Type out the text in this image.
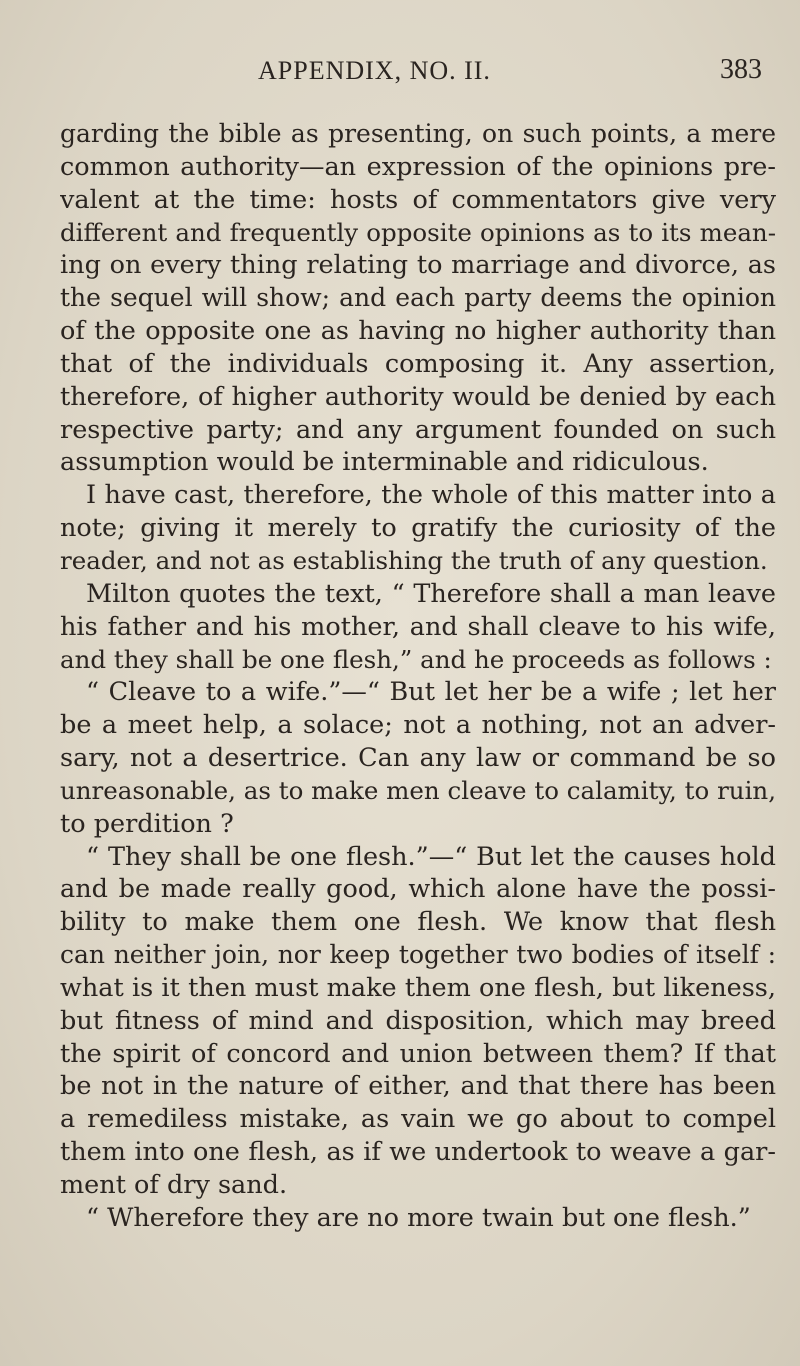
APPENDIX, NO. II.	383
garding the bible as presenting, on such points, a mere
common authority—an expression of the opinions pre-
valent at the time: hosts of commentators give very
different and frequently opposite opinions as to its mean-
ing on every thing relating to marriage and divorce, as
the sequel will show; and each party deems the opinion
of the opposite one as having no higher authority than
that of the individuals composing it. Any assertion,
therefore, of higher authority would be denied by each
respective party; and any argument founded on such
assumption would be interminable and ridiculous.
I have cast, therefore, the whole of this matter into a
note; giving it merely to gratify the curiosity of the
reader, and not as establishing the truth of any question.
Milton quotes the text, “ Therefore shall a man leave
his father and his mother, and shall cleave to his wife,
and they shall be one flesh,” and he proceeds as follows :
“ Cleave to a wife.”—“ But let her be a wife ; let her
be a meet help, a solace; not a nothing, not an adver-
sary, not a desertrice. Can any law or command be so
unreasonable, as to make men cleave to calamity, to ruin,
to perdition ?
“ They shall be one flesh.”—“ But let the causes hold
and be made really good, which alone have the possi-
bility to make them one flesh. We know that flesh
can neither join, nor keep together two bodies of itself :
what is it then must make them one flesh, but likeness,
but fitness of mind and disposition, which may breed
the spirit of concord and union between them? If that
be not in the nature of either, and that there has been
a remediless mistake, as vain we go about to compel
them into one flesh, as if we undertook to weave a gar-
ment of dry sand.
“ Wherefore they are no more twain but one flesh.”
